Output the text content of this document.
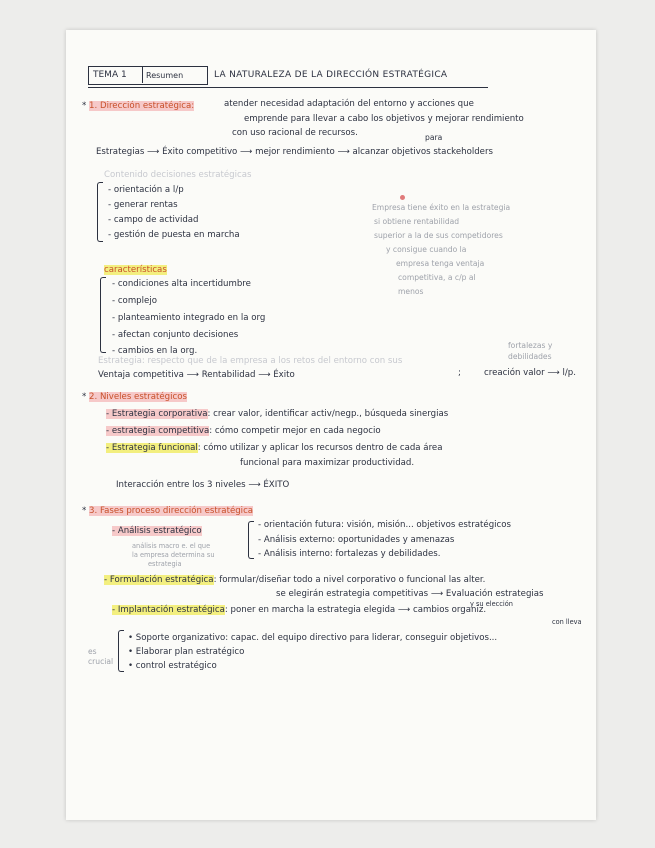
TEMA 1 Resumen	LA NATURALEZA DE LA DIRECCIÓN ESTRATÉGICA
* 1. Dirección estratégica:	atender necesidad adaptación del entorno y acciones que
emprende para llevar a cabo los objetivos y mejorar rendimiento
con uso racional de recursos.	para
Estrategias ⟶ Éxito competitivo ⟶ mejor rendimiento ⟶ alcanzar objetivos stackeholders
Contenido decisiones estratégicas
- orientación a l/p
- generar rentas
- campo de actividad
- gestión de puesta en marcha
Empresa tiene éxito en la estrategia
si obtiene rentabilidad
superior a la de sus competidores
y consigue cuando la
empresa tenga ventaja
competitiva, a c/p al
menos
características
- condiciones alta incertidumbre
- complejo
- planteamiento integrado en la org
- afectan conjunto decisiones
- cambios en la org.
Estrategia: respecto que de la empresa a los retos del entorno con sus
fortalezas y debilidades
Ventaja competitiva ⟶ Rentabilidad ⟶ Éxito	;	creación valor ⟶ l/p.
* 2. Niveles estratégicos
- Estrategia corporativa: crear valor, identificar activ/negp., búsqueda sinergias
- estrategia competitiva: cómo competir mejor en cada negocio
- Estrategia funcional: cómo utilizar y aplicar los recursos dentro de cada área
funcional para maximizar productividad.
Interacción entre los 3 niveles ⟶ ÉXITO
* 3. Fases proceso dirección estratégica
- Análisis estratégico
análisis macro e. el que
la empresa determina su
estrategia
- orientación futura: visión, misión... objetivos estratégicos
- Análisis externo: oportunidades y amenazas
- Análisis interno: fortalezas y debilidades.
- Formulación estratégica: formular/diseñar todo a nivel corporativo o funcional las alter.
se elegirán estrategia competitivas ⟶ Evaluación estrategias
y su elección
- Implantación estratégica: poner en marcha la estrategia elegida ⟶ cambios organiz.
con lleva
es
crucial
• Soporte organizativo: capac. del equipo directivo para liderar, conseguir objetivos...
• Elaborar plan estratégico
• control estratégico
